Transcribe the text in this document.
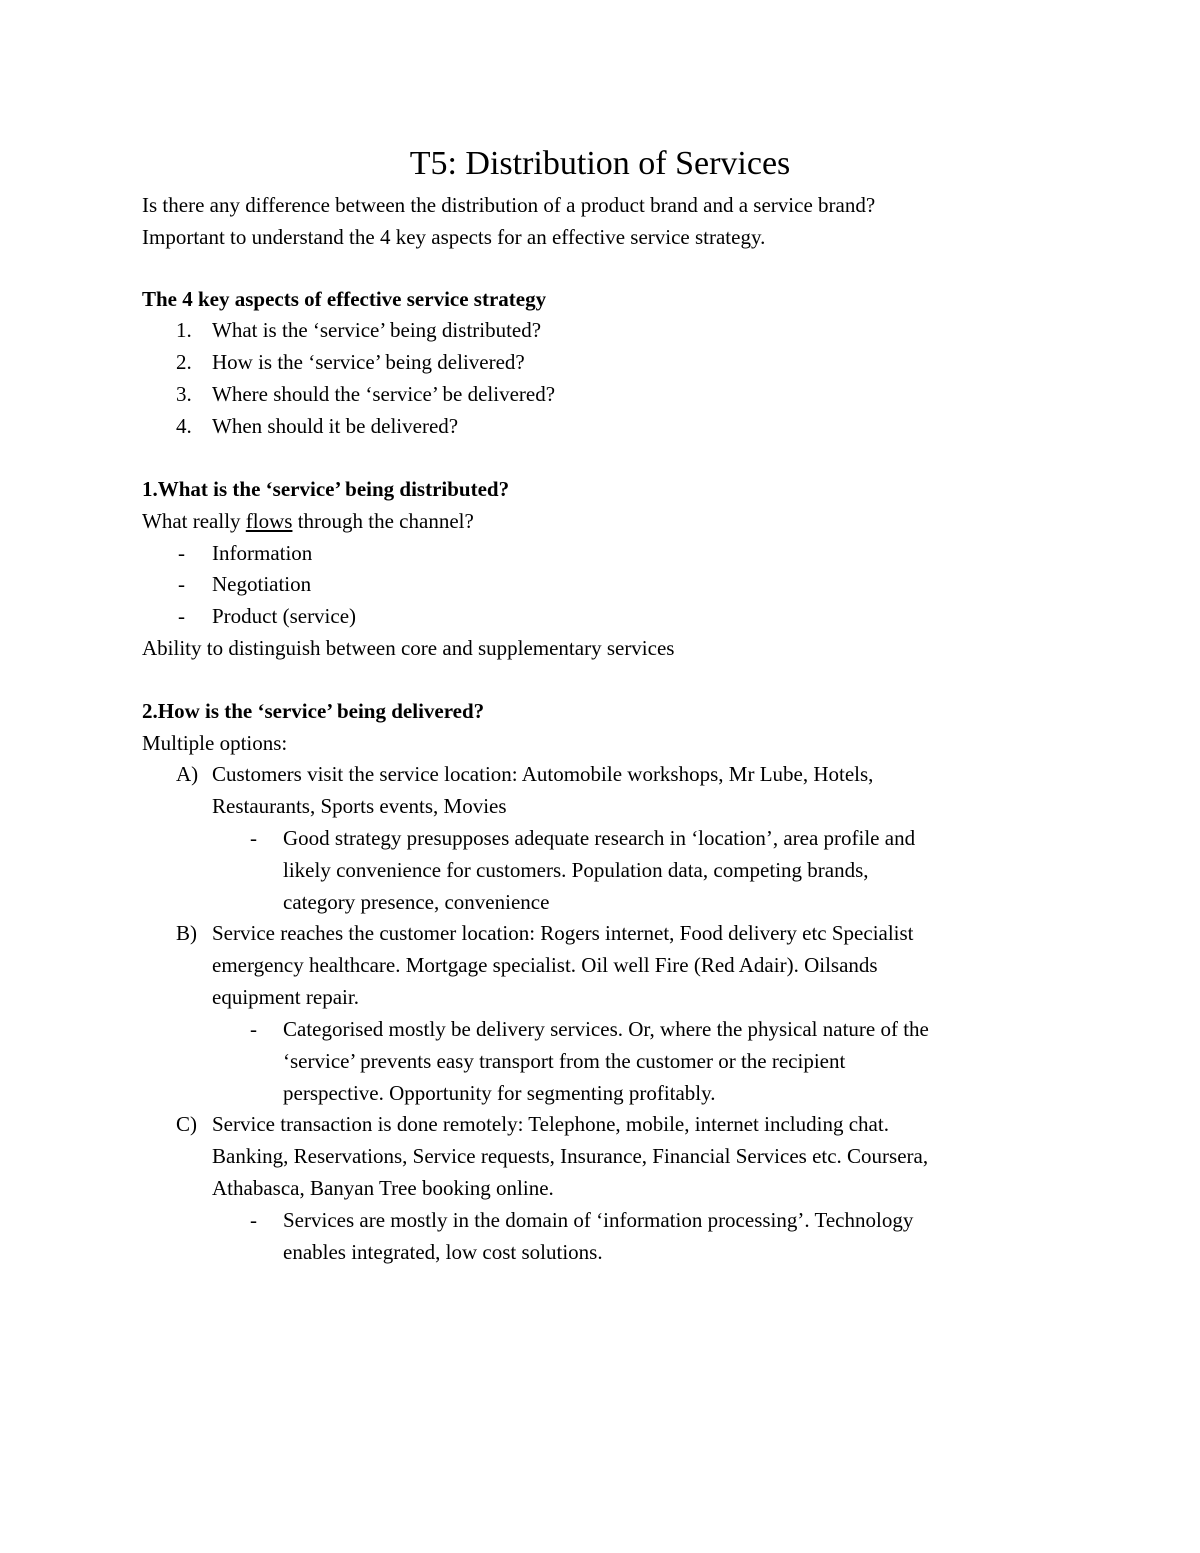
T5: Distribution of Services

Is there any difference between the distribution of a product brand and a service brand?

Important to understand the 4 key aspects for an effective service strategy.

The 4 key aspects of effective service strategy

1. What is the ‘service’ being distributed?
2. How is the ‘service’ being delivered?
3. Where should the ‘service’ be delivered?
4. When should it be delivered?

1.What is the ‘service’ being distributed?

What really flows through the channel?

- Information
- Negotiation
- Product (service)

Ability to distinguish between core and supplementary services

2.How is the ‘service’ being delivered?

Multiple options:

A) Customers visit the service location: Automobile workshops, Mr Lube, Hotels,
Restaurants, Sports events, Movies
- Good strategy presupposes adequate research in ‘location’, area profile and
likely convenience for customers. Population data, competing brands,
category presence, convenience
B) Service reaches the customer location: Rogers internet, Food delivery etc Specialist
emergency healthcare. Mortgage specialist. Oil well Fire (Red Adair). Oilsands
equipment repair.
- Categorised mostly be delivery services. Or, where the physical nature of the
‘service’ prevents easy transport from the customer or the recipient
perspective. Opportunity for segmenting profitably.
C) Service transaction is done remotely: Telephone, mobile, internet including chat.
Banking, Reservations, Service requests, Insurance, Financial Services etc. Coursera,
Athabasca, Banyan Tree booking online.
- Services are mostly in the domain of ‘information processing’. Technology
enables integrated, low cost solutions.
